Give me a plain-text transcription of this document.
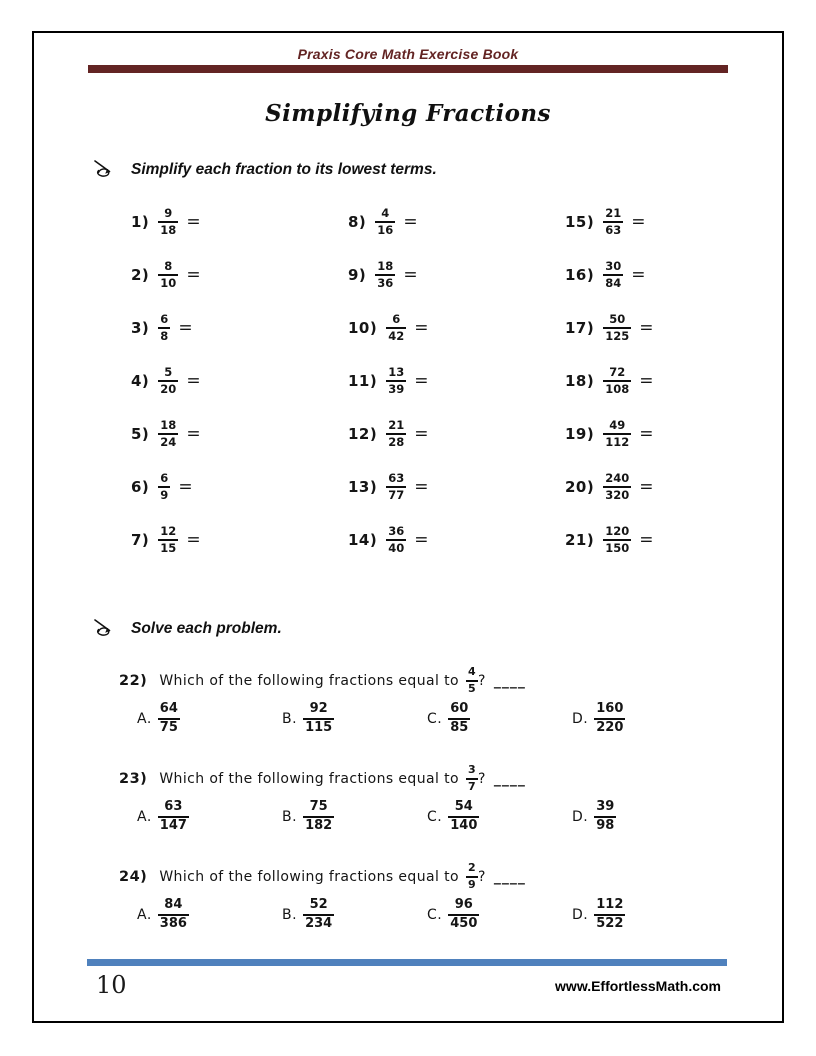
Praxis Core Math Exercise Book
Simplifying Fractions
Simplify each fraction to its lowest terms.
$1) \frac{9}{18}$ =
$2) \frac{8}{10}$ =
$3) \frac{6}{8}$ =
$4) \frac{5}{20}$ =
$5) \frac{18}{24}$ =
$6) \frac{6}{9}$ =
$7) \frac{12}{15}$ =
$8) \frac{4}{16}$ =
$9) \frac{18}{36}$ =
$10) \frac{6}{42}$ =
$11) \frac{13}{39}$ =
$12) \frac{21}{28}$ =
$13) \frac{63}{77}$ =
$14) \frac{36}{40}$ =
$15) \frac{21}{63}$ =
$16) \frac{30}{84}$ =
$17) \frac{50}{125}$ =
$18) \frac{72}{108}$ =
$19) \frac{49}{112}$ =
$20) \frac{240}{320}$ =
$21) \frac{120}{150}$ =
Solve each problem.
22) Which of the following fractions equal to $\frac{4}{5}$ ? ____
A. $\frac{64}{75}$	B. $\frac{92}{115}$	C. $\frac{60}{85}$	D. $\frac{160}{220}$
23) Which of the following fractions equal to $\frac{3}{7}$ ? ____
A. $\frac{63}{147}$	B. $\frac{75}{182}$	C. $\frac{54}{140}$	D. $\frac{39}{98}$
24) Which of the following fractions equal to $\frac{2}{9}$ ? ____
A. $\frac{84}{386}$	B. $\frac{52}{234}$	C. $\frac{96}{450}$	D. $\frac{112}{522}$
10	www.EffortlessMath.com
